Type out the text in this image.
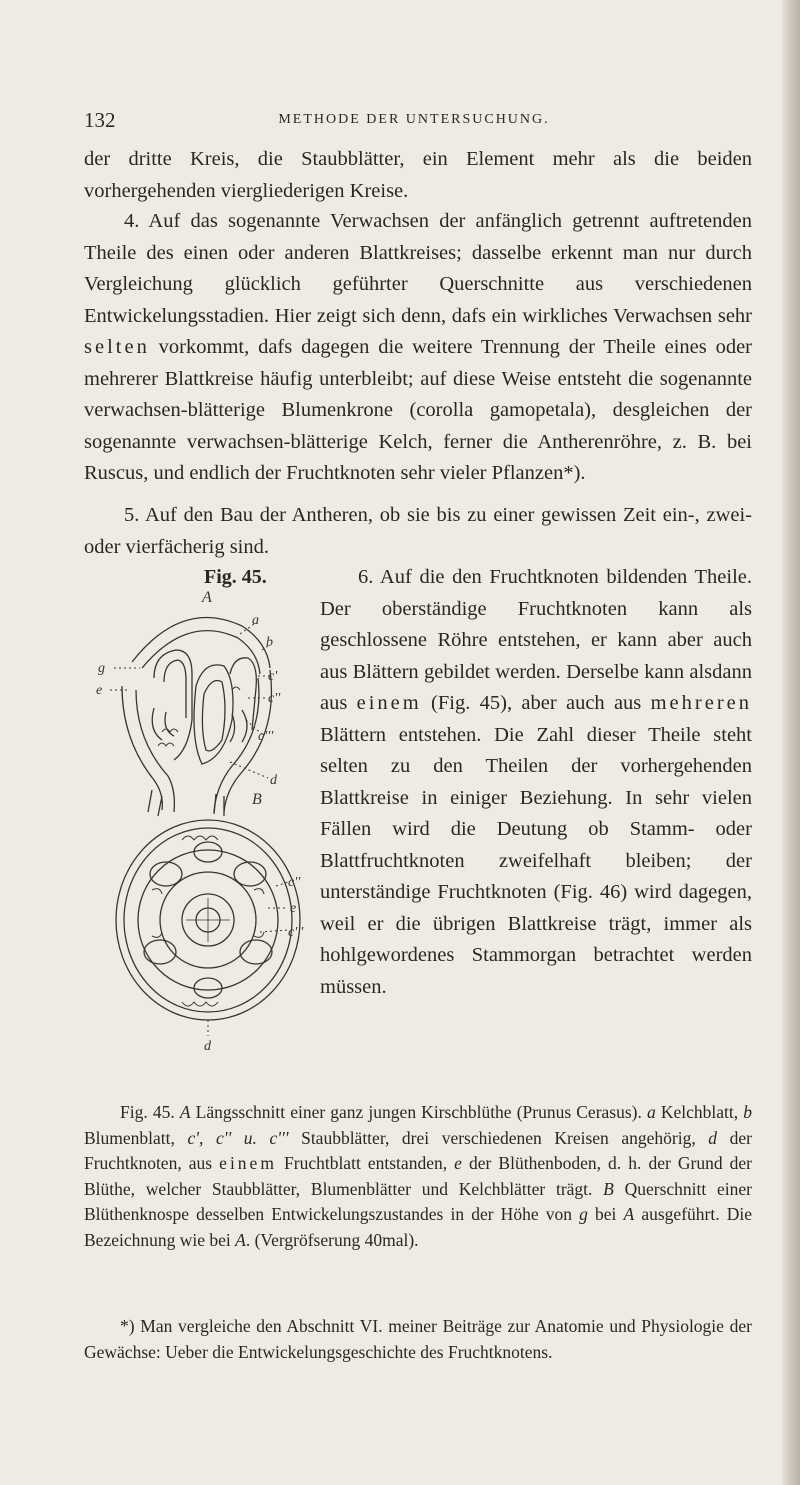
132	METHODE DER UNTERSUCHUNG.

der dritte Kreis, die Staubblätter, ein Element mehr als die beiden vorhergehenden viergliederigen Kreise.

4. Auf das sogenannte Verwachsen der anfänglich getrennt auftretenden Theile des einen oder anderen Blattkreises; dasselbe erkennt man nur durch Vergleichung glücklich geführter Querschnitte aus verschiedenen Entwickelungsstadien. Hier zeigt sich denn, dafs ein wirkliches Verwachsen sehr selten vorkommt, dafs dagegen die weitere Trennung der Theile eines oder mehrerer Blattkreise häufig unterbleibt; auf diese Weise entsteht die sogenannte verwachsen-blätterige Blumenkrone (corolla gamopetala), desgleichen der sogenannte verwachsen-blätterige Kelch, ferner die Antherenröhre, z. B. bei Ruscus, und endlich der Fruchtknoten sehr vieler Pflanzen*).

5. Auf den Bau der Antheren, ob sie bis zu einer gewissen Zeit ein-, zwei- oder vierfächerig sind.

Fig. 45.	6. Auf die den Fruchtknoten bildenden Theile. Der oberständige Fruchtknoten kann als geschlossene Röhre entstehen, er kann aber auch aus Blättern gebildet werden. Derselbe kann alsdann aus einem (Fig. 45), aber auch aus mehreren Blättern entstehen. Die Zahl dieser Theile steht selten zu den Theilen der vorhergehenden Blattkreise in einiger Beziehung. In sehr vielen Fällen wird die Deutung ob Stamm- oder Blattfruchtknoten zweifelhaft bleiben; der unterständige Fruchtknoten (Fig. 46) wird dagegen, weil er die übrigen Blattkreise trägt, immer als hohlgewordenes Stammorgan betrachtet werden müssen.

A
a
b
c'
c''
c'''
d
g
e
B
c''
e
c'''
d

Fig. 45. A Längsschnitt einer ganz jungen Kirschblüthe (Prunus Cerasus). a Kelchblatt, b Blumenblatt, c', c'' u. c''' Staubblätter, drei verschiedenen Kreisen angehörig, d der Fruchtknoten, aus einem Fruchtblatt entstanden, e der Blüthenboden, d. h. der Grund der Blüthe, welcher Staubblätter, Blumenblätter und Kelchblätter trägt. B Querschnitt einer Blüthenknospe desselben Entwickelungszustandes in der Höhe von g bei A ausgeführt. Die Bezeichnung wie bei A. (Vergröfserung 40mal).

*) Man vergleiche den Abschnitt VI. meiner Beiträge zur Anatomie und Physiologie der Gewächse: Ueber die Entwickelungsgeschichte des Fruchtknotens.
